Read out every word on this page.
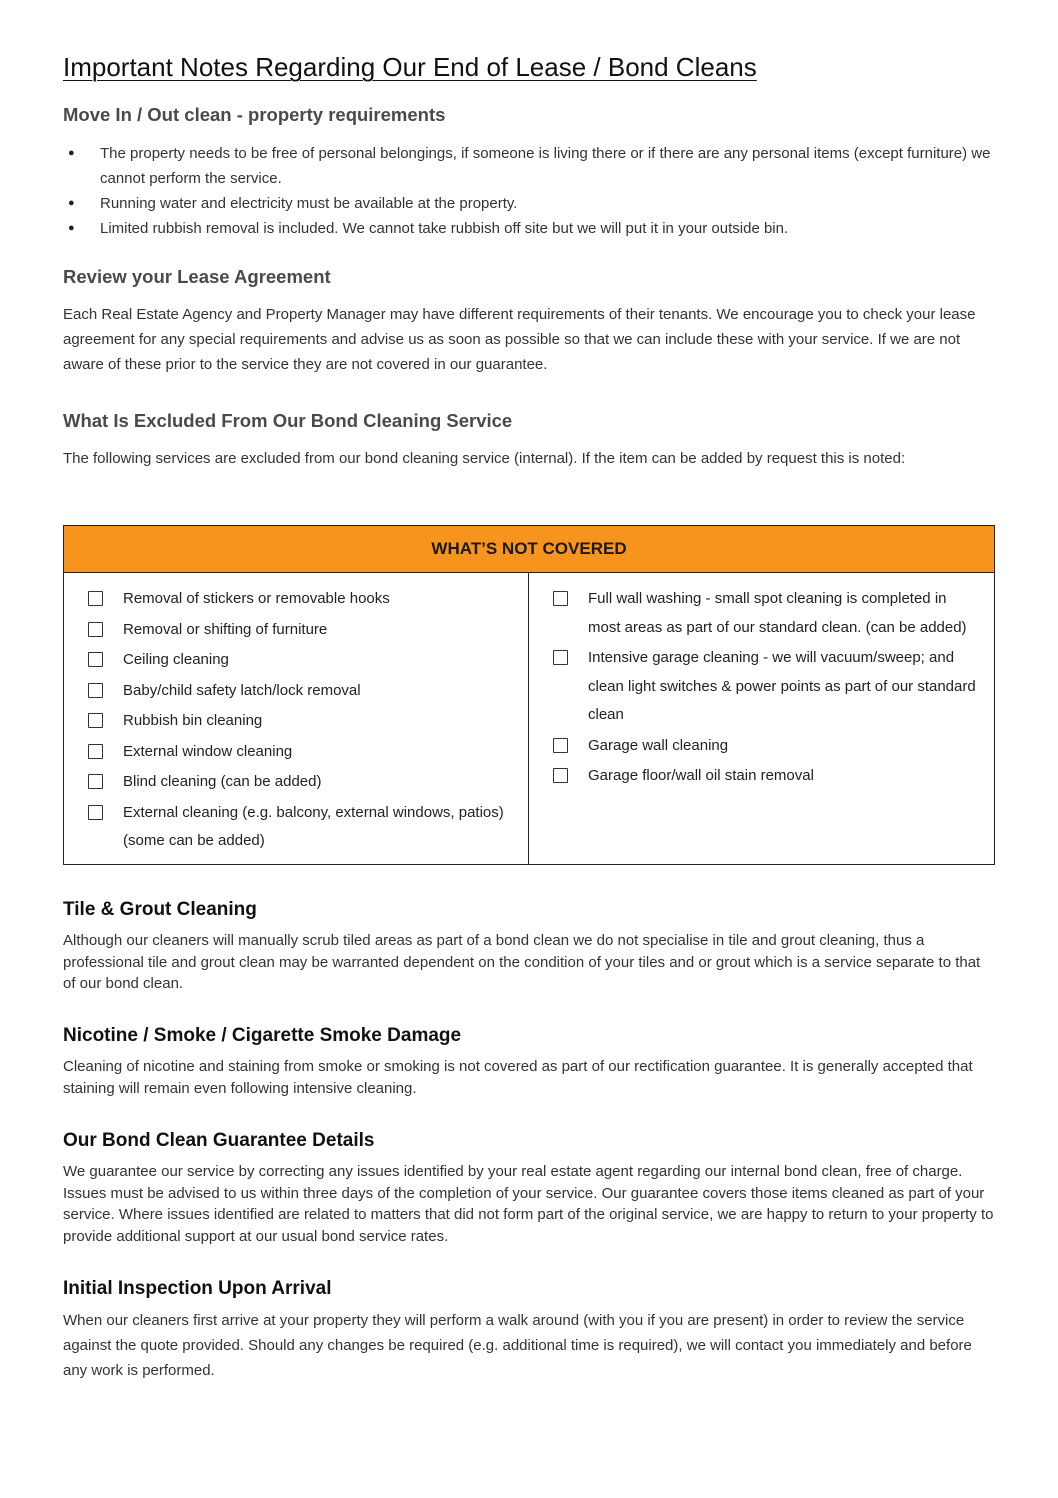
Important Notes Regarding Our End of Lease / Bond Cleans
Move In / Out clean - property requirements
● The property needs to be free of personal belongings, if someone is living there or if there are any personal items (except furniture) we cannot perform the service.
● Running water and electricity must be available at the property.
● Limited rubbish removal is included. We cannot take rubbish off site but we will put it in your outside bin.
Review your Lease Agreement
Each Real Estate Agency and Property Manager may have different requirements of their tenants. We encourage you to check your lease agreement for any special requirements and advise us as soon as possible so that we can include these with your service. If we are not aware of these prior to the service they are not covered in our guarantee.
What Is Excluded From Our Bond Cleaning Service
The following services are excluded from our bond cleaning service (internal). If the item can be added by request this is noted:
WHAT’S NOT COVERED
Removal of stickers or removable hooks
Removal or shifting of furniture
Ceiling cleaning
Baby/child safety latch/lock removal
Rubbish bin cleaning
External window cleaning
Blind cleaning (can be added)
External cleaning (e.g. balcony, external windows, patios) (some can be added)
Full wall washing - small spot cleaning is completed in most areas as part of our standard clean. (can be added)
Intensive garage cleaning - we will vacuum/sweep; and clean light switches & power points as part of our standard clean
Garage wall cleaning
Garage floor/wall oil stain removal
Tile & Grout Cleaning
Although our cleaners will manually scrub tiled areas as part of a bond clean we do not specialise in tile and grout cleaning, thus a professional tile and grout clean may be warranted dependent on the condition of your tiles and or grout which is a service separate to that of our bond clean.
Nicotine / Smoke / Cigarette Smoke Damage
Cleaning of nicotine and staining from smoke or smoking is not covered as part of our rectification guarantee. It is generally accepted that staining will remain even following intensive cleaning.
Our Bond Clean Guarantee Details
We guarantee our service by correcting any issues identified by your real estate agent regarding our internal bond clean, free of charge. Issues must be advised to us within three days of the completion of your service. Our guarantee covers those items cleaned as part of your service. Where issues identified are related to matters that did not form part of the original service, we are happy to return to your property to provide additional support at our usual bond service rates.
Initial Inspection Upon Arrival
When our cleaners first arrive at your property they will perform a walk around (with you if you are present) in order to review the service against the quote provided. Should any changes be required (e.g. additional time is required), we will contact you immediately and before any work is performed.
